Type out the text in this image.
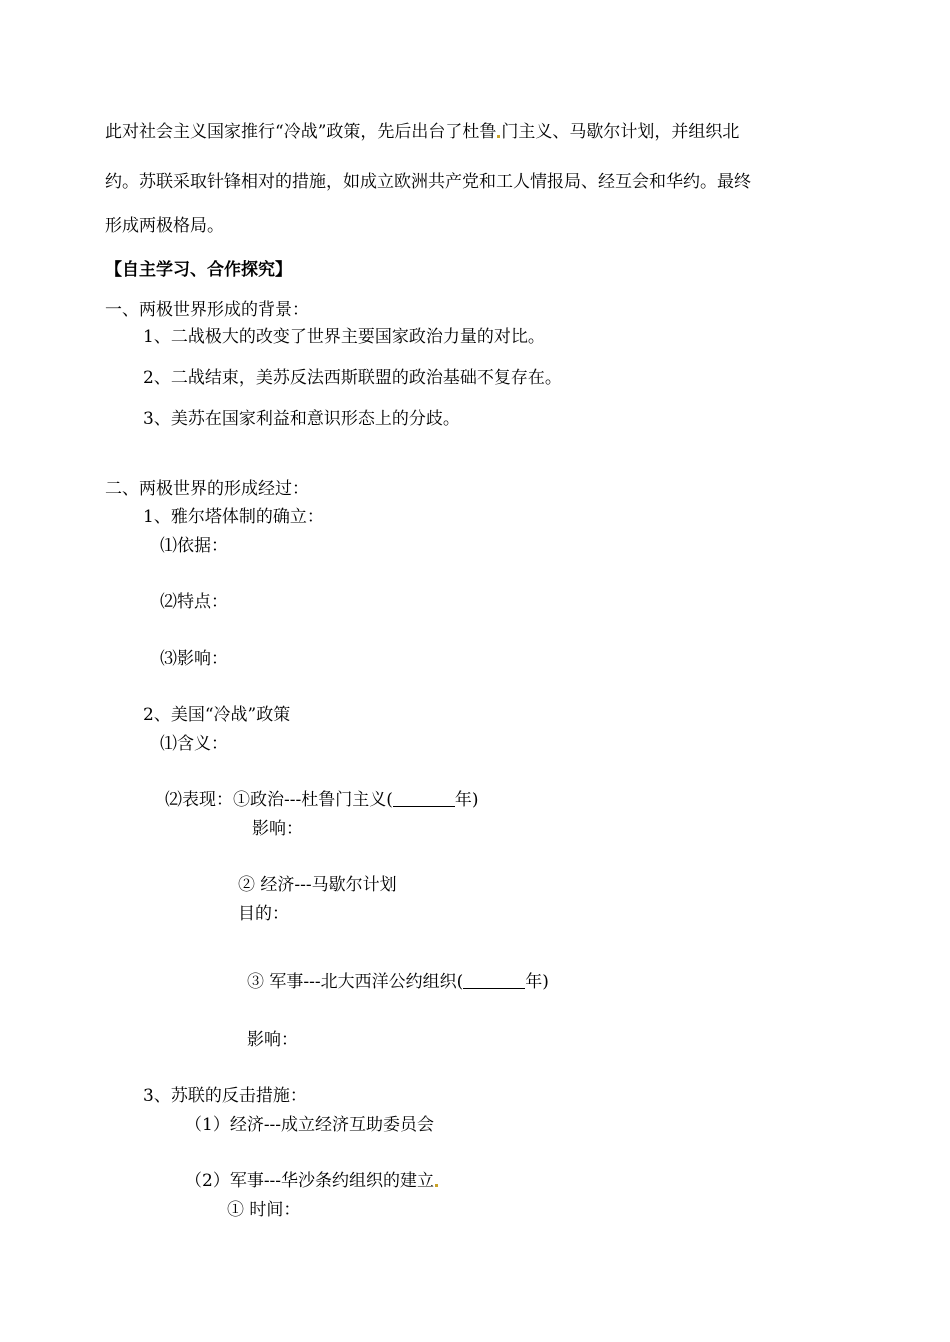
此对社会主义国家推行“冷战”政策，先后出台了杜鲁 门主义、马歇尔计划，并组织北
约。苏联采取针锋相对的措施，如成立欧洲共产党和工人情报局、经互会和华约。最终
形成两极格局。
【自主学习、合作探究】
一、两极世界形成的背景：
1、二战极大的改变了世界主要国家政治力量的对比。
2、二战结束，美苏反法西斯联盟的政治基础不复存在。
3、美苏在国家利益和意识形态上的分歧。
二、两极世界的形成经过：
1、雅尔塔体制的确立：
⑴依据：
⑵特点：
⑶影响：
2、美国“冷战”政策
⑴含义：
⑵表现：①政治---杜鲁门主义(	年)
影响：
② 经济---马歇尔计划
目的：
③ 军事---北大西洋公约组织(	年)
影响：
3、苏联的反击措施：
（1）经济---成立经济互助委员会
（2）军事---华沙条约组织的建立
① 时间：
